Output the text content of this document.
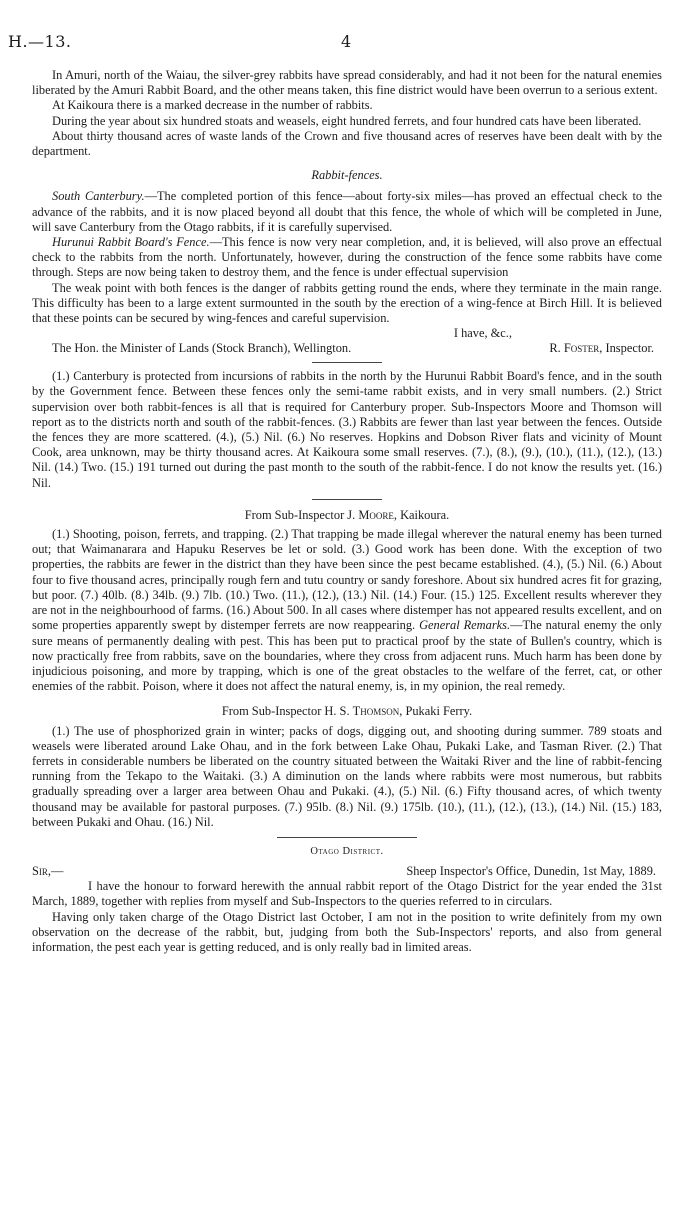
H.—13.	4

In Amuri, north of the Waiau, the silver-grey rabbits have spread considerably, and had it not been for the natural enemies liberated by the Amuri Rabbit Board, and the other means taken, this fine district would have been overrun to a serious extent.

At Kaikoura there is a marked decrease in the number of rabbits.

During the year about six hundred stoats and weasels, eight hundred ferrets, and four hundred cats have been liberated.

About thirty thousand acres of waste lands of the Crown and five thousand acres of reserves have been dealt with by the department.

Rabbit-fences.

South Canterbury.—The completed portion of this fence—about forty-six miles—has proved an effectual check to the advance of the rabbits, and it is now placed beyond all doubt that this fence, the whole of which will be completed in June, will save Canterbury from the Otago rabbits, if it is carefully supervised.

Hurunui Rabbit Board's Fence.—This fence is now very near completion, and, it is believed, will also prove an effectual check to the rabbits from the north. Unfortunately, however, during the construction of the fence some rabbits have come through. Steps are now being taken to destroy them, and the fence is under effectual supervision

The weak point with both fences is the danger of rabbits getting round the ends, where they terminate in the main range. This difficulty has been to a large extent surmounted in the south by the erection of a wing-fence at Birch Hill. It is believed that these points can be secured by wing-fences and careful supervision.

I have, &c.,
The Hon. the Minister of Lands (Stock Branch), Wellington.	R. Foster, Inspector.

(1.) Canterbury is protected from incursions of rabbits in the north by the Hurunui Rabbit Board's fence, and in the south by the Government fence. Between these fences only the semi-tame rabbit exists, and in very small numbers. (2.) Strict supervision over both rabbit-fences is all that is required for Canterbury proper. Sub-Inspectors Moore and Thomson will report as to the districts north and south of the rabbit-fences. (3.) Rabbits are fewer than last year between the fences. Outside the fences they are more scattered. (4.), (5.) Nil. (6.) No reserves. Hopkins and Dobson River flats and vicinity of Mount Cook, area unknown, may be thirty thousand acres. At Kaikoura some small reserves. (7.), (8.), (9.), (10.), (11.), (12.), (13.) Nil. (14.) Two. (15.) 191 turned out during the past month to the south of the rabbit-fence. I do not know the results yet. (16.) Nil.

From Sub-Inspector J. Moore, Kaikoura.

(1.) Shooting, poison, ferrets, and trapping. (2.) That trapping be made illegal wherever the natural enemy has been turned out; that Waimanarara and Hapuku Reserves be let or sold. (3.) Good work has been done. With the exception of two properties, the rabbits are fewer in the district than they have been since the pest became established. (4.), (5.) Nil. (6.) About four to five thousand acres, principally rough fern and tutu country or sandy foreshore. About six hundred acres fit for grazing, but poor. (7.) 40lb. (8.) 34lb. (9.) 7lb. (10.) Two. (11.), (12.), (13.) Nil. (14.) Four. (15.) 125. Excellent results wherever they are not in the neighbourhood of farms. (16.) About 500. In all cases where distemper has not appeared results excellent, and on some properties apparently swept by distemper ferrets are now reappearing. General Remarks.—The natural enemy the only sure means of permanently dealing with pest. This has been put to practical proof by the state of Bullen's country, which is now practically free from rabbits, save on the boundaries, where they cross from adjacent runs. Much harm has been done by injudicious poisoning, and more by trapping, which is one of the great obstacles to the welfare of the ferret, cat, or other enemies of the rabbit. Poison, where it does not affect the natural enemy, is, in my opinion, the real remedy.

From Sub-Inspector H. S. Thomson, Pukaki Ferry.

(1.) The use of phosphorized grain in winter; packs of dogs, digging out, and shooting during summer. 789 stoats and weasels were liberated around Lake Ohau, and in the fork between Lake Ohau, Pukaki Lake, and Tasman River. (2.) That ferrets in considerable numbers be liberated on the country situated between the Waitaki River and the line of rabbit-fencing running from the Tekapo to the Waitaki. (3.) A diminution on the lands where rabbits were most numerous, but rabbits gradually spreading over a larger area between Ohau and Pukaki. (4.), (5.) Nil. (6.) Fifty thousand acres, of which twenty thousand may be available for pastoral purposes. (7.) 95lb. (8.) Nil. (9.) 175lb. (10.), (11.), (12.), (13.), (14.) Nil. (15.) 183, between Pukaki and Ohau. (16.) Nil.

Otago District.
Sir,—	Sheep Inspector's Office, Dunedin, 1st May, 1889.

I have the honour to forward herewith the annual rabbit report of the Otago District for the year ended the 31st March, 1889, together with replies from myself and Sub-Inspectors to the queries referred to in circulars.

Having only taken charge of the Otago District last October, I am not in the position to write definitely from my own observation on the decrease of the rabbit, but, judging from both the Sub-Inspectors' reports, and also from general information, the pest each year is getting reduced, and is only really bad in limited areas.
